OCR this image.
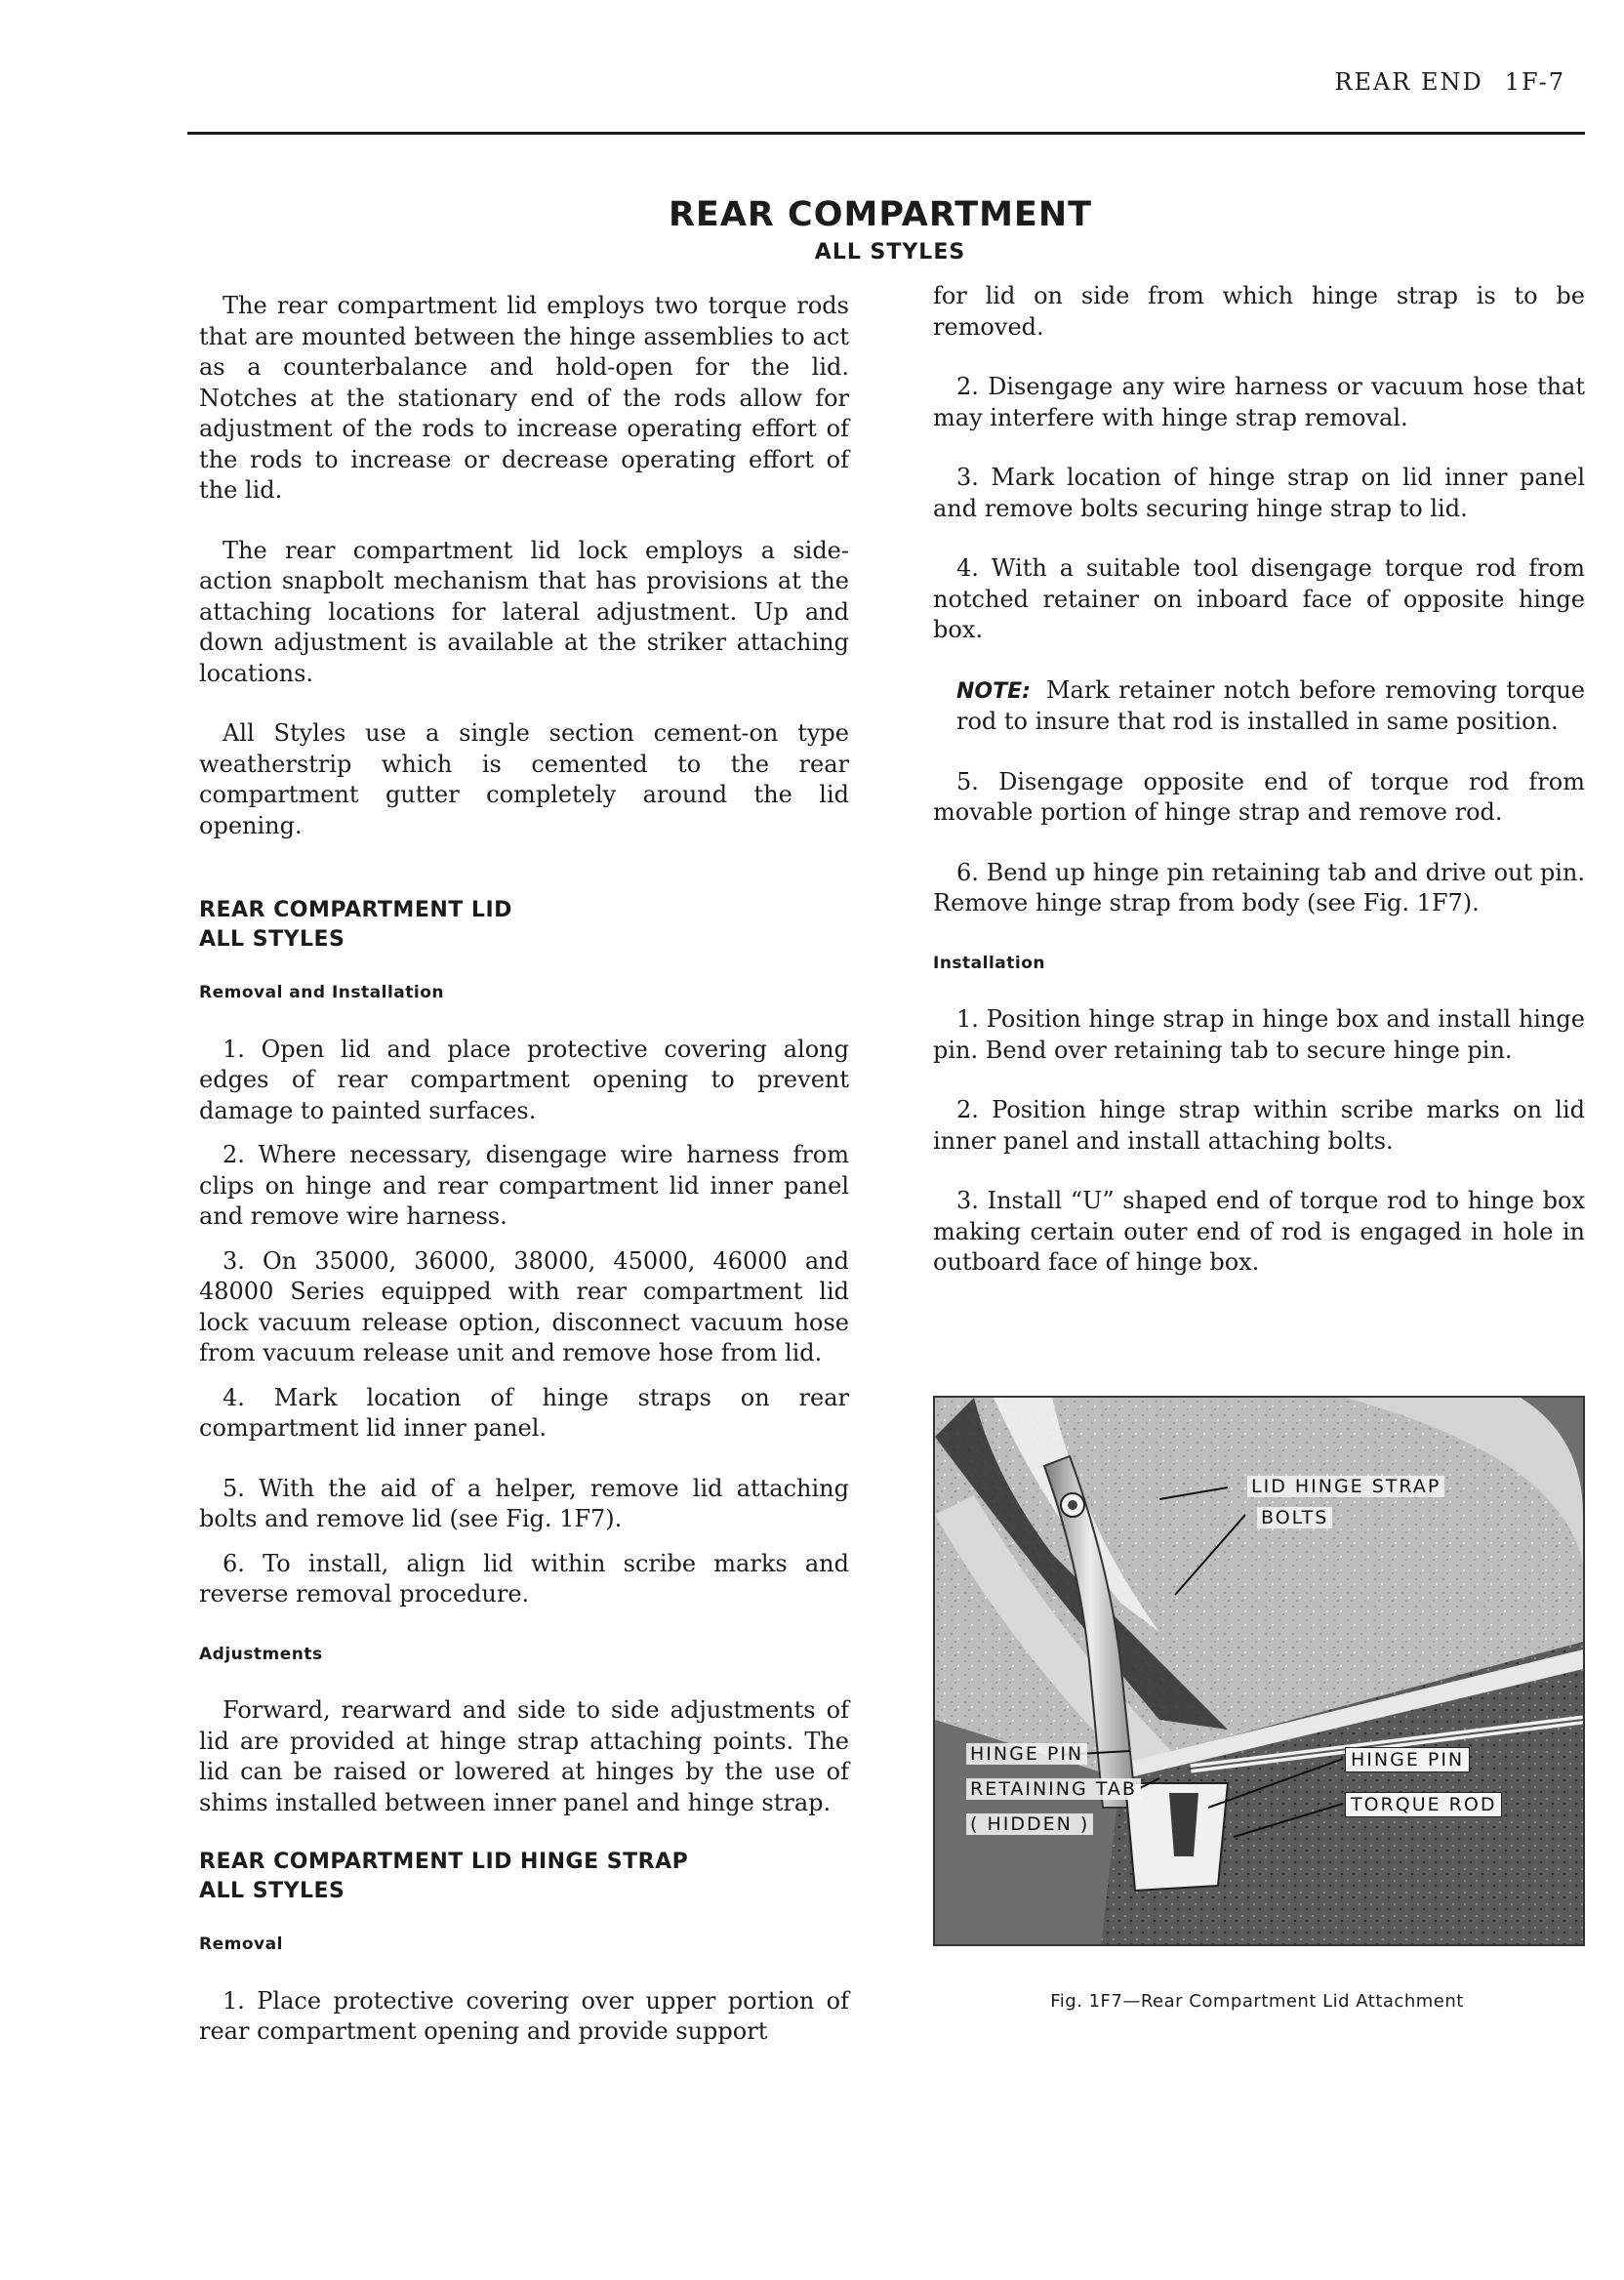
REAR END 1F-7
REAR COMPARTMENT
ALL STYLES

The rear compartment lid employs two torque rods that are mounted between the hinge assemblies to act as a counterbalance and hold-open for the lid. Notches at the stationary end of the rods allow for adjustment of the rods to increase operating effort of the rods to increase or decrease operating effort of the lid.

The rear compartment lid lock employs a side-action snapbolt mechanism that has provisions at the attaching locations for lateral adjustment. Up and down adjustment is available at the striker attaching locations.

All Styles use a single section cement-on type weatherstrip which is cemented to the rear compartment gutter completely around the lid opening.

REAR COMPARTMENT LID
ALL STYLES
Removal and Installation

1. Open lid and place protective covering along edges of rear compartment opening to prevent damage to painted surfaces.

2. Where necessary, disengage wire harness from clips on hinge and rear compartment lid inner panel and remove wire harness.

3. On 35000, 36000, 38000, 45000, 46000 and 48000 Series equipped with rear compartment lid lock vacuum release option, disconnect vacuum hose from vacuum release unit and remove hose from lid.

4. Mark location of hinge straps on rear compartment lid inner panel.

5. With the aid of a helper, remove lid attaching bolts and remove lid (see Fig. 1F7).

6. To install, align lid within scribe marks and reverse removal procedure.

Adjustments

Forward, rearward and side to side adjustments of lid are provided at hinge strap attaching points. The lid can be raised or lowered at hinges by the use of shims installed between inner panel and hinge strap.

REAR COMPARTMENT LID HINGE STRAP
ALL STYLES
Removal

1. Place protective covering over upper portion of rear compartment opening and provide support

for lid on side from which hinge strap is to be removed.

2. Disengage any wire harness or vacuum hose that may interfere with hinge strap removal.

3. Mark location of hinge strap on lid inner panel and remove bolts securing hinge strap to lid.

4. With a suitable tool disengage torque rod from notched retainer on inboard face of opposite hinge box.

NOTE: Mark retainer notch before removing torque rod to insure that rod is installed in same position.

5. Disengage opposite end of torque rod from movable portion of hinge strap and remove rod.

6. Bend up hinge pin retaining tab and drive out pin. Remove hinge strap from body (see Fig. 1F7).

Installation

1. Position hinge strap in hinge box and install hinge pin. Bend over retaining tab to secure hinge pin.

2. Position hinge strap within scribe marks on lid inner panel and install attaching bolts.

3. Install “U” shaped end of torque rod to hinge box making certain outer end of rod is engaged in hole in outboard face of hinge box.

LID HINGE STRAP
BOLTS
HINGE PIN
RETAINING TAB
( HIDDEN )
HINGE PIN
TORQUE ROD
Fig. 1F7—Rear Compartment Lid Attachment
